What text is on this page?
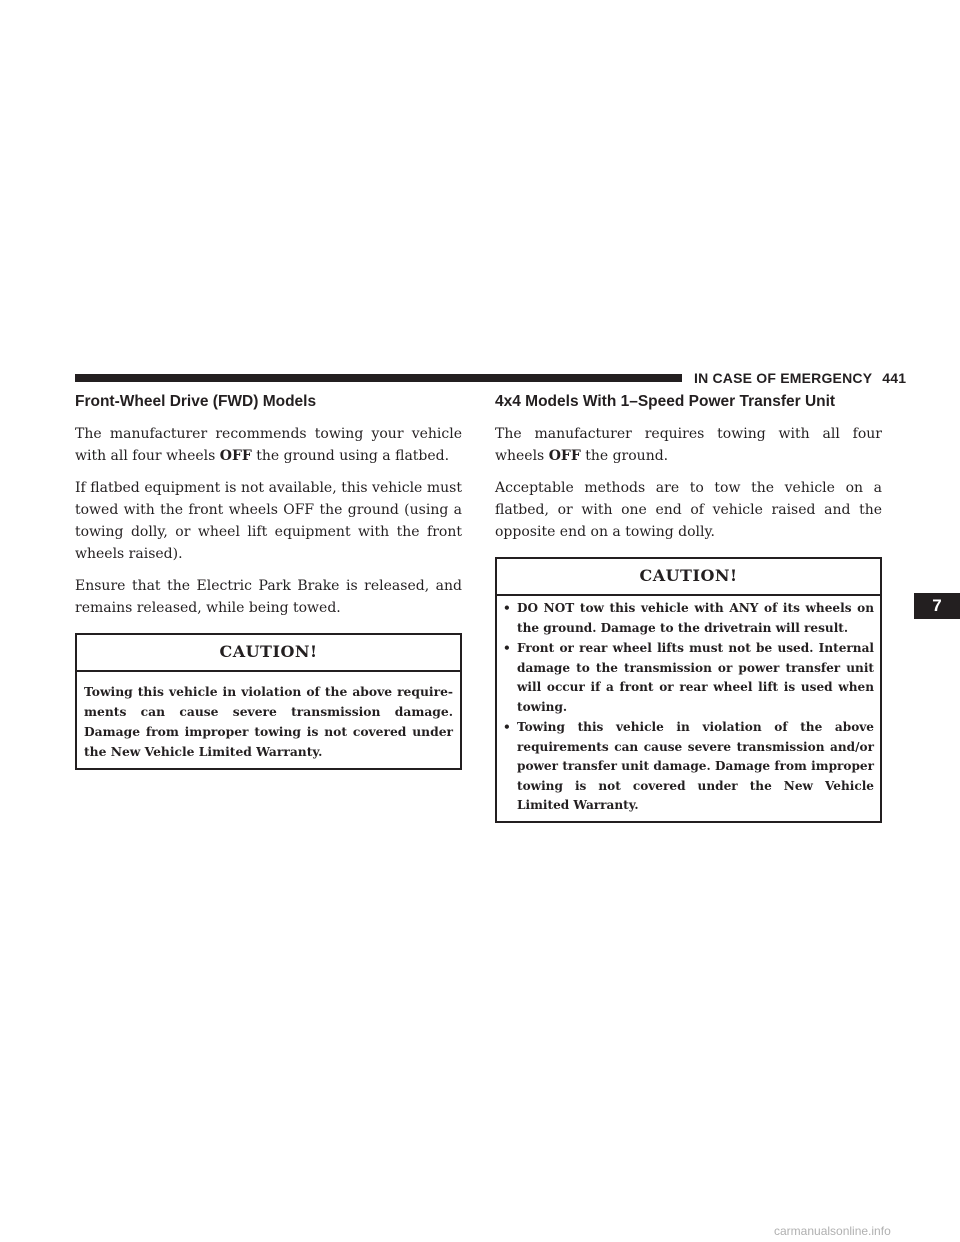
IN CASE OF EMERGENCY 441
Front-Wheel Drive (FWD) Models

The manufacturer recommends towing your vehicle with all four wheels OFF the ground using a flatbed.

If flatbed equipment is not available, this vehicle must towed with the front wheels OFF the ground (using a towing dolly, or wheel lift equipment with the front wheels raised).

Ensure that the Electric Park Brake is released, and remains released, while being towed.

CAUTION!
Towing this vehicle in violation of the above requirements can cause severe transmission damage. Damage from improper towing is not covered under the New Vehicle Limited Warranty.
4x4 Models With 1–Speed Power Transfer Unit

The manufacturer requires towing with all four wheels OFF the ground.

Acceptable methods are to tow the vehicle on a flatbed, or with one end of vehicle raised and the opposite end on a towing dolly.

CAUTION!
• DO NOT tow this vehicle with ANY of its wheels on the ground. Damage to the drivetrain will result.
• Front or rear wheel lifts must not be used. Internal damage to the transmission or power transfer unit will occur if a front or rear wheel lift is used when towing.
• Towing this vehicle in violation of the above requirements can cause severe transmission and/or power transfer unit damage. Damage from improper towing is not covered under the New Vehicle Limited Warranty.
7
carmanualsonline.info
